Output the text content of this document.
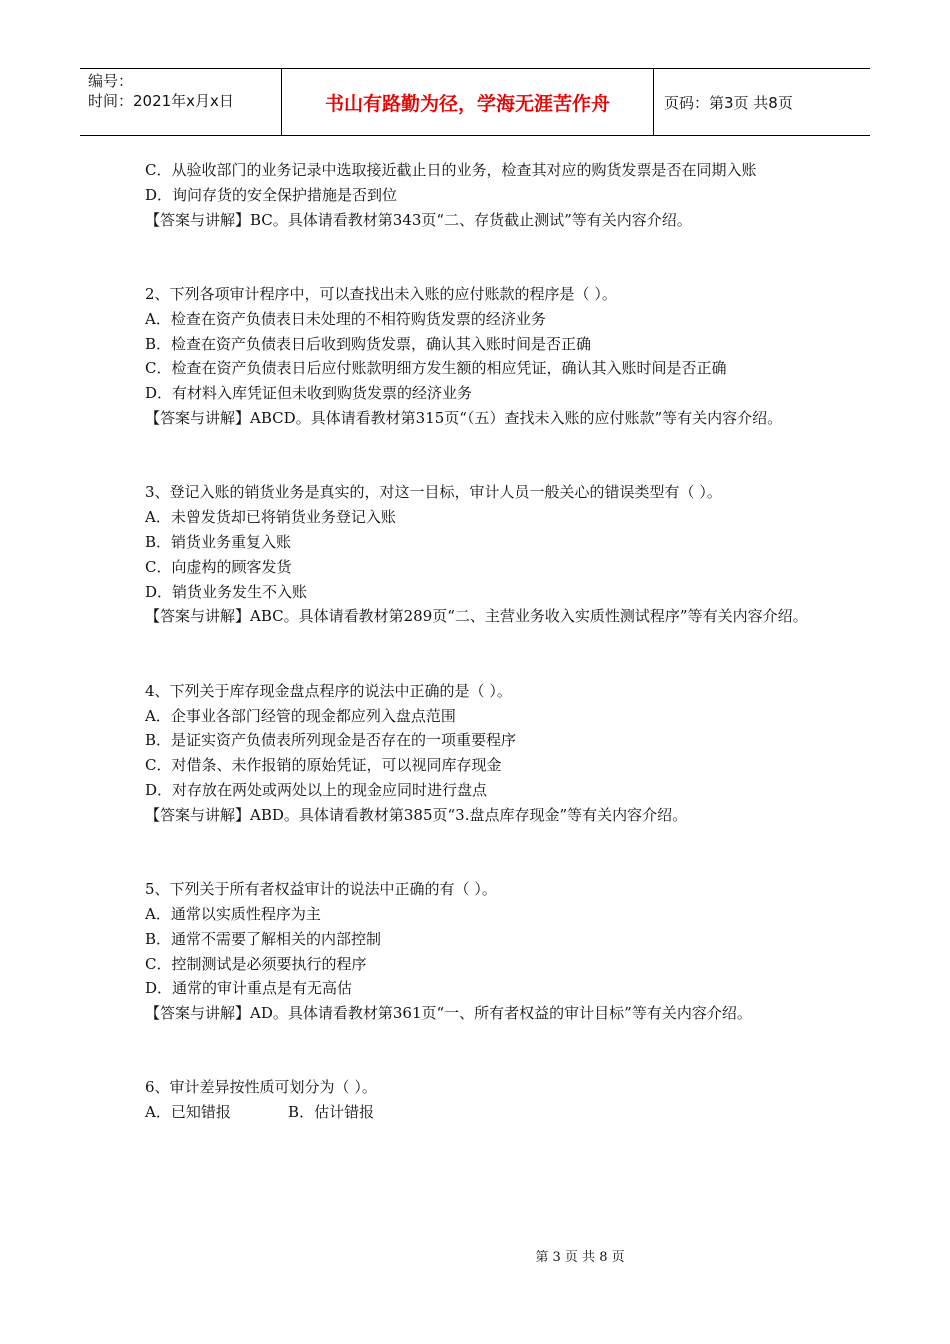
编号：
时间：2021年x月x日	书山有路勤为径，学海无涯苦作舟	页码：第3页 共8页
C．从验收部门的业务记录中选取接近截止日的业务，检查其对应的购货发票是否在同期入账
D．询问存货的安全保护措施是否到位
【答案与讲解】BC。具体请看教材第343页“二、存货截止测试”等有关内容介绍。
2、下列各项审计程序中，可以查找出未入账的应付账款的程序是（ ）。
A．检查在资产负债表日未处理的不相符购货发票的经济业务
B．检查在资产负债表日后收到购货发票，确认其入账时间是否正确
C．检查在资产负债表日后应付账款明细方发生额的相应凭证，确认其入账时间是否正确
D．有材料入库凭证但未收到购货发票的经济业务
【答案与讲解】ABCD。具体请看教材第315页“（五）查找未入账的应付账款”等有关内容介绍。
3、登记入账的销货业务是真实的，对这一目标，审计人员一般关心的错误类型有（ ）。
A．未曾发货却已将销货业务登记入账
B．销货业务重复入账
C．向虚构的顾客发货
D．销货业务发生不入账
【答案与讲解】ABC。具体请看教材第289页“二、主营业务收入实质性测试程序”等有关内容介绍。
4、下列关于库存现金盘点程序的说法中正确的是（ ）。
A．企事业各部门经管的现金都应列入盘点范围
B．是证实资产负债表所列现金是否存在的一项重要程序
C．对借条、未作报销的原始凭证，可以视同库存现金
D．对存放在两处或两处以上的现金应同时进行盘点
【答案与讲解】ABD。具体请看教材第385页“3.盘点库存现金”等有关内容介绍。
5、下列关于所有者权益审计的说法中正确的有（ ）。
A．通常以实质性程序为主
B．通常不需要了解相关的内部控制
C．控制测试是必须要执行的程序
D．通常的审计重点是有无高估
【答案与讲解】AD。具体请看教材第361页“一、所有者权益的审计目标”等有关内容介绍。
6、审计差异按性质可划分为（ ）。
A．已知错报            B．估计错报
第 3 页 共 8 页
